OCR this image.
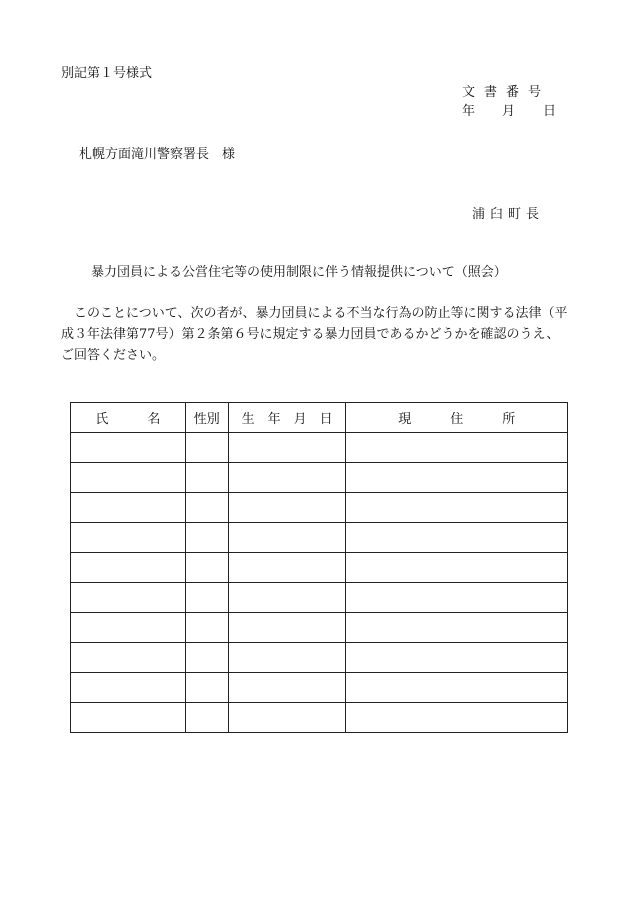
別記第１号様式
文書番号
年 月 日
札幌方面滝川警察署長　様
浦臼町長
暴力団員による公営住宅等の使用制限に伴う情報提供について（照会）

このことについて、次の者が、暴力団員による不当な行為の防止等に関する法律（平

成３年法律第77号）第２条第６号に規定する暴力団員であるかどうかを確認のうえ、

ご回答ください。

氏　　　名	性別	生　年　月　日	現　　　住　　　所
